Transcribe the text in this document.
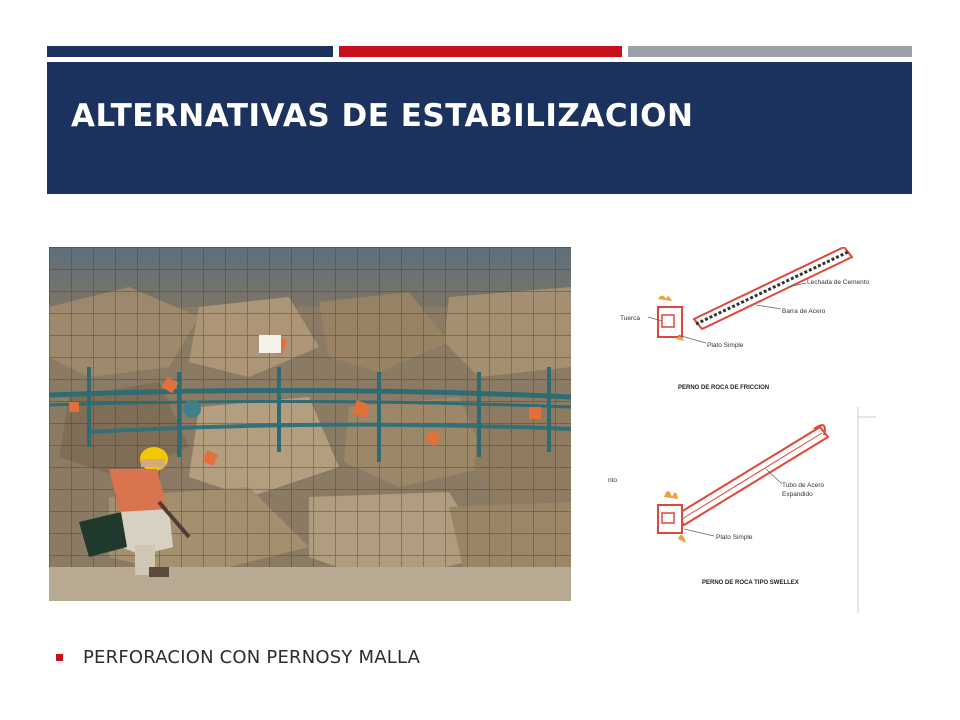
ALTERNATIVAS DE ESTABILIZACION
Lechada de Cemento
Barra de Acero
Tuerca
Plato Simple
PERNO DE ROCA DE FRICCION
nto
Tubo de Acero
Expandido
Plato Simple
PERNO DE ROCA TIPO SWELLEX
PERFORACION CON PERNOSY MALLA
